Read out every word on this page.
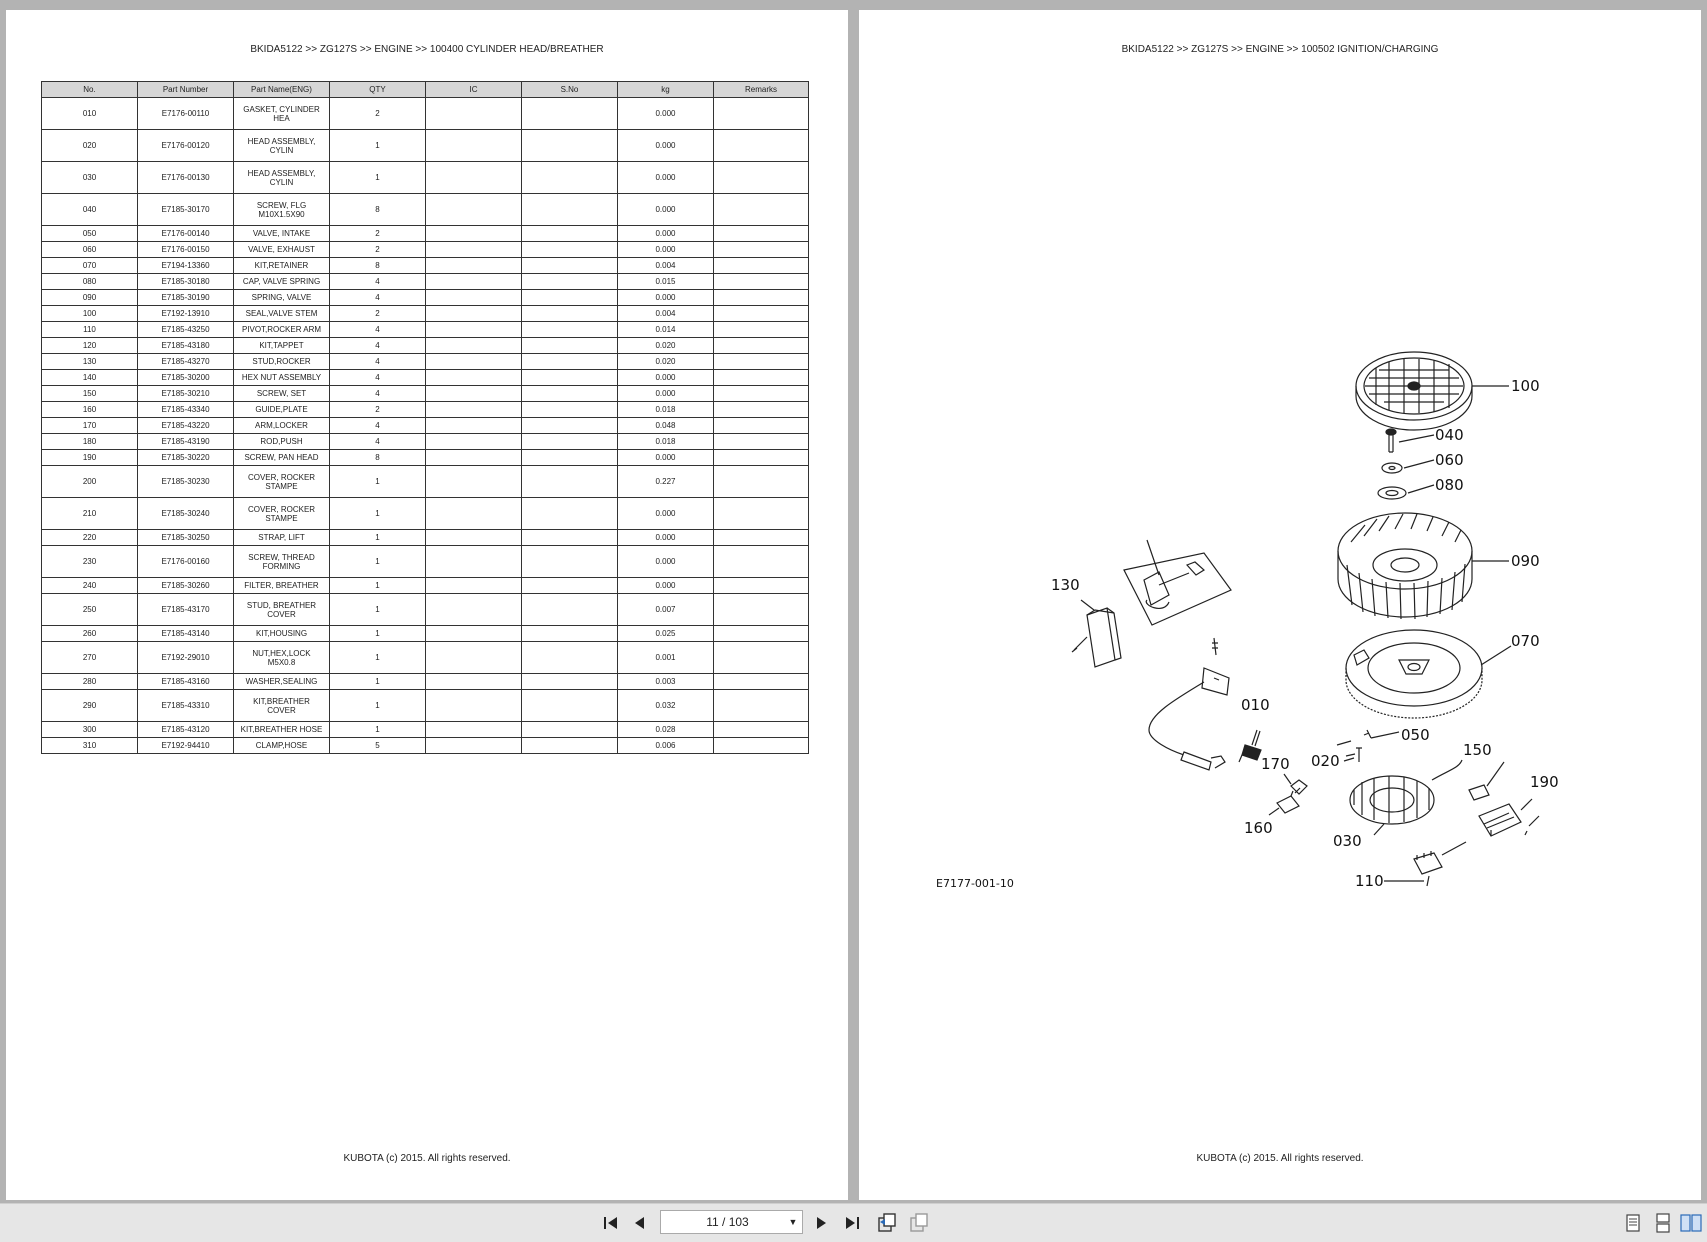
BKIDA5122 >> ZG127S >> ENGINE >> 100400 CYLINDER HEAD/BREATHER
No.	Part Number	Part Name(ENG)	QTY	IC	S.No	kg	Remarks
010	E7176-00110	GASKET, CYLINDER HEA	2			0.000	
020	E7176-00120	HEAD ASSEMBLY, CYLIN	1			0.000	
030	E7176-00130	HEAD ASSEMBLY, CYLIN	1			0.000	
040	E7185-30170	SCREW, FLG M10X1.5X90	8			0.000	
050	E7176-00140	VALVE, INTAKE	2			0.000	
060	E7176-00150	VALVE, EXHAUST	2			0.000	
070	E7194-13360	KIT,RETAINER	8			0.004	
080	E7185-30180	CAP, VALVE SPRING	4			0.015	
090	E7185-30190	SPRING, VALVE	4			0.000	
100	E7192-13910	SEAL,VALVE STEM	2			0.004	
110	E7185-43250	PIVOT,ROCKER ARM	4			0.014	
120	E7185-43180	KIT,TAPPET	4			0.020	
130	E7185-43270	STUD,ROCKER	4			0.020	
140	E7185-30200	HEX NUT ASSEMBLY	4			0.000	
150	E7185-30210	SCREW, SET	4			0.000	
160	E7185-43340	GUIDE,PLATE	2			0.018	
170	E7185-43220	ARM,LOCKER	4			0.048	
180	E7185-43190	ROD,PUSH	4			0.018	
190	E7185-30220	SCREW, PAN HEAD	8			0.000	
200	E7185-30230	COVER, ROCKER STAMPE	1			0.227	
210	E7185-30240	COVER, ROCKER STAMPE	1			0.000	
220	E7185-30250	STRAP, LIFT	1			0.000	
230	E7176-00160	SCREW, THREAD FORMING	1			0.000	
240	E7185-30260	FILTER, BREATHER	1			0.000	
250	E7185-43170	STUD, BREATHER COVER	1			0.007	
260	E7185-43140	KIT,HOUSING	1			0.025	
270	E7192-29010	NUT,HEX,LOCK M5X0.8	1			0.001	
280	E7185-43160	WASHER,SEALING	1			0.003	
290	E7185-43310	KIT,BREATHER COVER	1			0.032	
300	E7185-43120	KIT,BREATHER HOSE	1			0.028	
310	E7192-94410	CLAMP,HOSE	5			0.006	
KUBOTA (c) 2015. All rights reserved.
BKIDA5122 >> ZG127S >> ENGINE >> 100502 IGNITION/CHARGING
100
040
060
080
090
070
130
010
050
020
170
150
190
160
030
110
E7177-001-10
KUBOTA (c) 2015. All rights reserved.
11 / 103	▼
